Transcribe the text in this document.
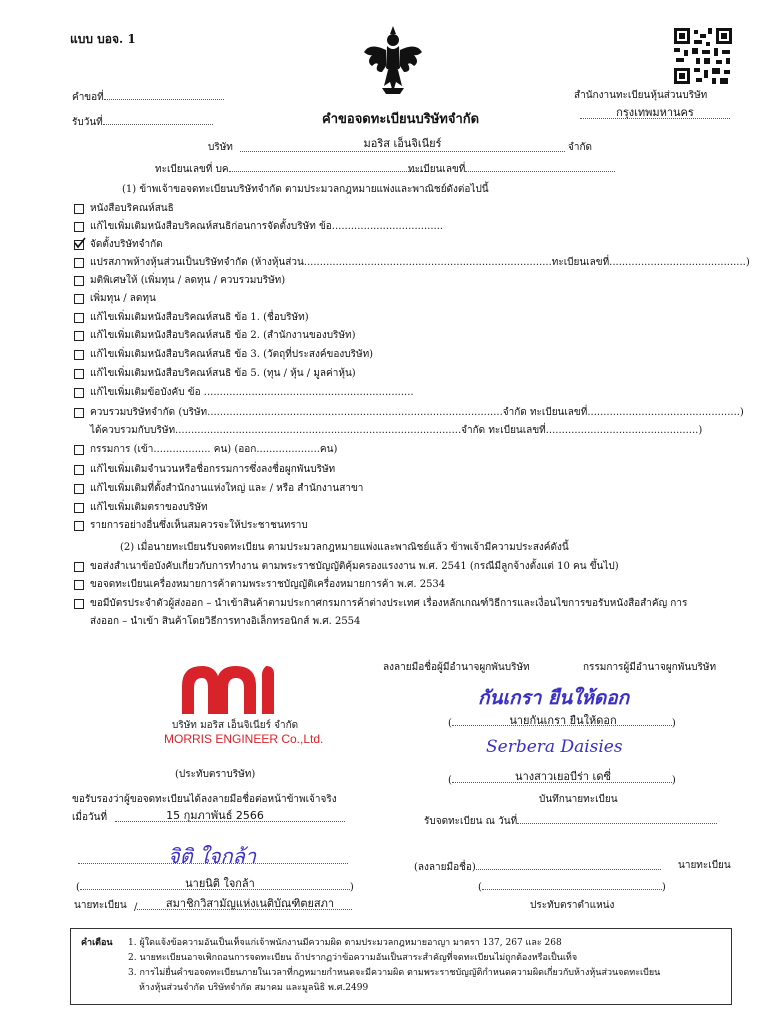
แบบ บอจ. 1
คำขอที่
รับวันที่	คำขอจดทะเบียนบริษัทจำกัด
สำนักงานทะเบียนหุ้นส่วนบริษัท
กรุงเทพมหานคร
บริษัท	มอริส เอ็นจิเนียร์	จำกัด
ทะเบียนเลขที่ บค	ทะเบียนเลขที่
(1) ข้าพเจ้าขอจดทะเบียนบริษัทจำกัด ตามประมวลกฎหมายแพ่งและพาณิชย์ดังต่อไปนี้
หนังสือบริคณห์สนธิ
แก้ไขเพิ่มเติมหนังสือบริคณห์สนธิก่อนการจัดตั้งบริษัท ข้อ...................................
จัดตั้งบริษัทจำกัด
แปรสภาพห้างหุ้นส่วนเป็นบริษัทจำกัด (ห้างหุ้นส่วน..............................................................................ทะเบียนเลขที่...........................................)
มติพิเศษให้ (เพิ่มทุน / ลดทุน / ควบรวมบริษัท)
เพิ่มทุน / ลดทุน
แก้ไขเพิ่มเติมหนังสือบริคณห์สนธิ ข้อ 1. (ชื่อบริษัท)
แก้ไขเพิ่มเติมหนังสือบริคณห์สนธิ ข้อ 2. (สำนักงานของบริษัท)
แก้ไขเพิ่มเติมหนังสือบริคณห์สนธิ ข้อ 3. (วัตถุที่ประสงค์ของบริษัท)
แก้ไขเพิ่มเติมหนังสือบริคณห์สนธิ ข้อ 5. (ทุน / หุ้น / มูลค่าหุ้น)
แก้ไขเพิ่มเติมข้อบังคับ ข้อ ..................................................................
ควบรวมบริษัทจำกัด (บริษัท.............................................................................................จำกัด ทะเบียนเลขที่................................................)
ได้ควบรวมกับบริษัท..........................................................................................จำกัด ทะเบียนเลขที่................................................)
กรรมการ (เข้า.................. คน) (ออก....................คน)
แก้ไขเพิ่มเติมจำนวนหรือชื่อกรรมการซึ่งลงชื่อผูกพันบริษัท
แก้ไขเพิ่มเติมที่ตั้งสำนักงานแห่งใหญ่ และ / หรือ สำนักงานสาขา
แก้ไขเพิ่มเติมตราของบริษัท
รายการอย่างอื่นซึ่งเห็นสมควรจะให้ประชาชนทราบ
(2) เมื่อนายทะเบียนรับจดทะเบียน ตามประมวลกฎหมายแพ่งและพาณิชย์แล้ว ข้าพเจ้ามีความประสงค์ดังนี้
ขอส่งสำเนาข้อบังคับเกี่ยวกับการทำงาน ตามพระราชบัญญัติคุ้มครองแรงงาน พ.ศ. 2541 (กรณีมีลูกจ้างตั้งแต่ 10 คน ขึ้นไป)
ขอจดทะเบียนเครื่องหมายการค้าตามพระราชบัญญัติเครื่องหมายการค้า พ.ศ. 2534
ขอมีบัตรประจำตัวผู้ส่งออก – นำเข้าสินค้าตามประกาศกรมการค้าต่างประเทศ เรื่องหลักเกณฑ์วิธีการและเงื่อนไขการขอรับหนังสือสำคัญ การ
ส่งออก – นำเข้า สินค้าโดยวิธีการทางอิเล็กทรอนิกส์ พ.ศ. 2554
บริษัท มอริส เอ็นจิเนียร์ จำกัด
MORRIS ENGINEER Co.,Ltd.
(ประทับตราบริษัท)
ลงลายมือชื่อผู้มีอำนาจผูกพันบริษัท	กรรมการผู้มีอำนาจผูกพันบริษัท
กันเกรา ยืนให้ดอก
(	)
นายกันเกรา ยืนให้ดอก
Serbera Daisies
(	)
นางสาวเยอบีร่า เดซี่
ขอรับรองว่าผู้ขอจดทะเบียนได้ลงลายมือชื่อต่อหน้าข้าพเจ้าจริง
เมื่อวันที่	15 กุมภาพันธ์ 2566
จิติ ใจกล้า
(	)
นายนิติ ใจกล้า
นายทะเบียน /	สมาชิกวิสามัญแห่งเนติบัณฑิตยสภา
บันทึกนายทะเบียน
รับจดทะเบียน ณ วันที่
(ลงลายมือชื่อ)	นายทะเบียน
(	)
ประทับตราตำแหน่ง
คำเตือน 1. ผู้ใดแจ้งข้อความอันเป็นเท็จแก่เจ้าพนักงานมีความผิด ตามประมวลกฎหมายอาญา มาตรา 137, 267 และ 268
2. นายทะเบียนอาจเพิกถอนการจดทะเบียน ถ้าปรากฏว่าข้อความอันเป็นสาระสำคัญที่จดทะเบียนไม่ถูกต้องหรือเป็นเท็จ
3. การไม่ยื่นคำขอจดทะเบียนภายในเวลาที่กฎหมายกำหนดจะมีความผิด ตามพระราชบัญญัติกำหนดความผิดเกี่ยวกับห้างหุ้นส่วนจดทะเบียน
ห้างหุ้นส่วนจำกัด บริษัทจำกัด สมาคม และมูลนิธิ พ.ศ.2499
